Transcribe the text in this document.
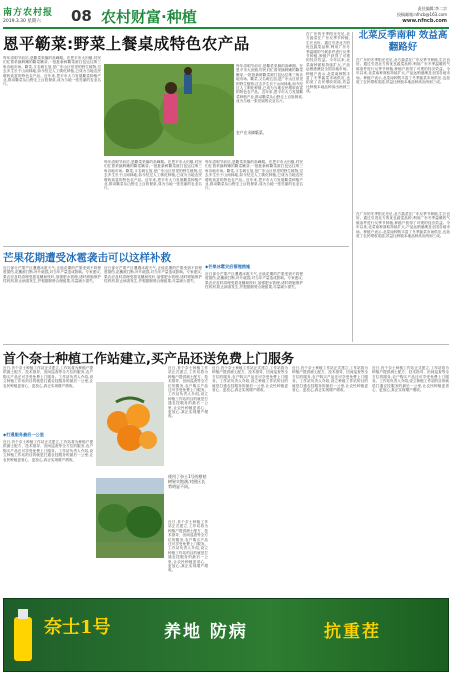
南方农村报
2019.3.30 星期六 08 农村财富·种植	责任编辑:李二宗
投稿邮箱:nfncb@163.com
www.nfncb.com
恩平簕菜:野菜上餐桌成特色农产品
每年清明节前后,是簕菜采摘的高峰期。在恩平市大田镇,村民们忙着采摘鲜嫩的簕菜嫩芽,一批批新鲜簕菜被打包运往珠三角各地市场。簕菜,又名刺五加,是广东山区常见的野生植物,过去多生长于山间林地,如今经过人工驯化种植,已成为当地农民增收致富的特色农产品。近年来,恩平市大力发展簕菜种植产业,推动簕菜从山野走上百姓餐桌,成为当地一张亮丽的农业名片。
农户在采摘簕菜。
每年清明节前后,是簕菜采摘的高峰期。在恩平市大田镇,村民们忙着采摘鲜嫩的簕菜嫩芽,一批批新鲜簕菜被打包运往珠三角各地市场。簕菜,又名刺五加,是广东山区常见的野生植物,过去多生长于山间林地,如今经过人工驯化种植,已成为当地农民增收致富的特色农产品。近年来,恩平市大力发展簕菜种植产业,推动簕菜从山野走上百姓餐桌,成为当地一张亮丽的农业名片。
每年清明节前后,是簕菜采摘的高峰期。在恩平市大田镇,村民们忙着采摘鲜嫩的簕菜嫩芽,一批批新鲜簕菜被打包运往珠三角各地市场。簕菜,又名刺五加,是广东山区常见的野生植物,过去多生长于山间林地,如今经过人工驯化种植,已成为当地农民增收致富的特色农产品。近年来,恩平市大力发展簕菜种植产业,推动簕菜从山野走上百姓餐桌,成为当地一张亮丽的农业名片。
每年清明节前后,是簕菜采摘的高峰期。在恩平市大田镇,村民们忙着采摘鲜嫩的簕菜嫩芽,一批批新鲜簕菜被打包运往珠三角各地市场。簕菜,又名刺五加,是广东山区常见的野生植物,过去多生长于山间林地,如今经过人工驯化种植,已成为当地农民增收致富的特色农产品。近年来,恩平市大力发展簕菜种植产业,推动簕菜从山野走上百姓餐桌,成为当地一张亮丽的农业名片。
北菜反季南种 效益高翻路好
在广东的冬季阳光充足,北方蔬菜在广东反季节种植,生长良好。通过引进北方的优良蔬菜品种,利用广东冬季温暖的气候条件进行反季节种植,种植户获得了可观的经济效益。今年以来,北菜南种面积持续扩大,产品远销港澳及全国各地市场。种植户表示,北菜南种既丰富了冬季蔬菜市场供应,也拓宽了农民增收渠道,效益比种植本地品种高出两到三成。
在广东的冬季阳光充足,北方蔬菜在广东反季节种植,生长良好。通过引进北方的优良蔬菜品种,利用广东冬季温暖的气候条件进行反季节种植,种植户获得了可观的经济效益。今年以来,北菜南种面积持续扩大,产品远销港澳及全国各地市场。种植户表示,北菜南种既丰富了冬季蔬菜市场供应,也拓宽了农民增收渠道,效益比种植本地品种高出两到三成。
在广东的冬季阳光充足,北方蔬菜在广东反季节种植,生长良好。通过引进北方的优良蔬菜品种,利用广东冬季温暖的气候条件进行反季节种植,种植户获得了可观的经济效益。今年以来,北菜南种面积持续扩大,产品远销港澳及全国各地市场。种植户表示,北菜南种既丰富了冬季蔬菜市场供应,也拓宽了农民增收渠道,效益比种植本地品种高出两到三成。
芒果花期遭受冰雹袭击可以这样补救
近日部分芒果产区遭遇冰雹天气,正值花期的芒果受到不同程度损伤,花穗被打断,叶片破损,对当年产量造成影响。专家建议,果农应及时清理受损花穗和枝叶,加强肥水管理,适时喷施保护性药剂,防止病害发生,并根据树势合理留果,尽量减少损失。
近日部分芒果产区遭遇冰雹天气,正值花期的芒果受到不同程度损伤,花穗被打断,叶片破损,对当年产量造成影响。专家建议,果农应及时清理受损花穗和枝叶,加强肥水管理,适时喷施保护性药剂,防止病害发生,并根据树势合理留果,尽量减少损失。
◆芒果冰雹灾后管理措施
近日部分芒果产区遭遇冰雹天气,正值花期的芒果受到不同程度损伤,花穗被打断,叶片破损,对当年产量造成影响。专家建议,果农应及时清理受损花穗和枝叶,加强肥水管理,适时喷施保护性药剂,防止病害发生,并根据树势合理留果,尽量减少损失。
首个奈士种植工作站建立,买产品还送免费上门服务
近日,首个奈士种植工作站正式建立,工作站将为种植户提供测土配方、技术指导、田间巡查等全方位的服务,农户购买产品还可享受免费上门服务。工作站负责人介绍,设立种植工作站的目的就是打通农技服务的最后一公里,让农民种植更省心、更放心,真正实现增产增收。
◆打通服务最后一公里
近日,首个奈士种植工作站正式建立,工作站将为种植户提供测土配方、技术指导、田间巡查等全方位的服务,农户购买产品还可享受免费上门服务。工作站负责人介绍,设立种植工作站的目的就是打通农技服务的最后一公里,让农民种植更省心、更放心,真正实现增产增收。
使用了奈士1号的柑桔树果实饱满,对照区长势明显不同。
近日,首个奈士种植工作站正式建立,工作站将为种植户提供测土配方、技术指导、田间巡查等全方位的服务,农户购买产品还可享受免费上门服务。工作站负责人介绍,设立种植工作站的目的就是打通农技服务的最后一公里,让农民种植更省心、更放心,真正实现增产增收。
近日,首个奈士种植工作站正式建立,工作站将为种植户提供测土配方、技术指导、田间巡查等全方位的服务,农户购买产品还可享受免费上门服务。工作站负责人介绍,设立种植工作站的目的就是打通农技服务的最后一公里,让农民种植更省心、更放心,真正实现增产增收。
近日,首个奈士种植工作站正式建立,工作站将为种植户提供测土配方、技术指导、田间巡查等全方位的服务,农户购买产品还可享受免费上门服务。工作站负责人介绍,设立种植工作站的目的就是打通农技服务的最后一公里,让农民种植更省心、更放心,真正实现增产增收。
近日,首个奈士种植工作站正式建立,工作站将为种植户提供测土配方、技术指导、田间巡查等全方位的服务,农户购买产品还可享受免费上门服务。工作站负责人介绍,设立种植工作站的目的就是打通农技服务的最后一公里,让农民种植更省心、更放心,真正实现增产增收。
近日,首个奈士种植工作站正式建立,工作站将为种植户提供测土配方、技术指导、田间巡查等全方位的服务,农户购买产品还可享受免费上门服务。工作站负责人介绍,设立种植工作站的目的就是打通农技服务的最后一公里,让农民种植更省心、更放心,真正实现增产增收。
奈士1号	养地 防病	抗重茬
